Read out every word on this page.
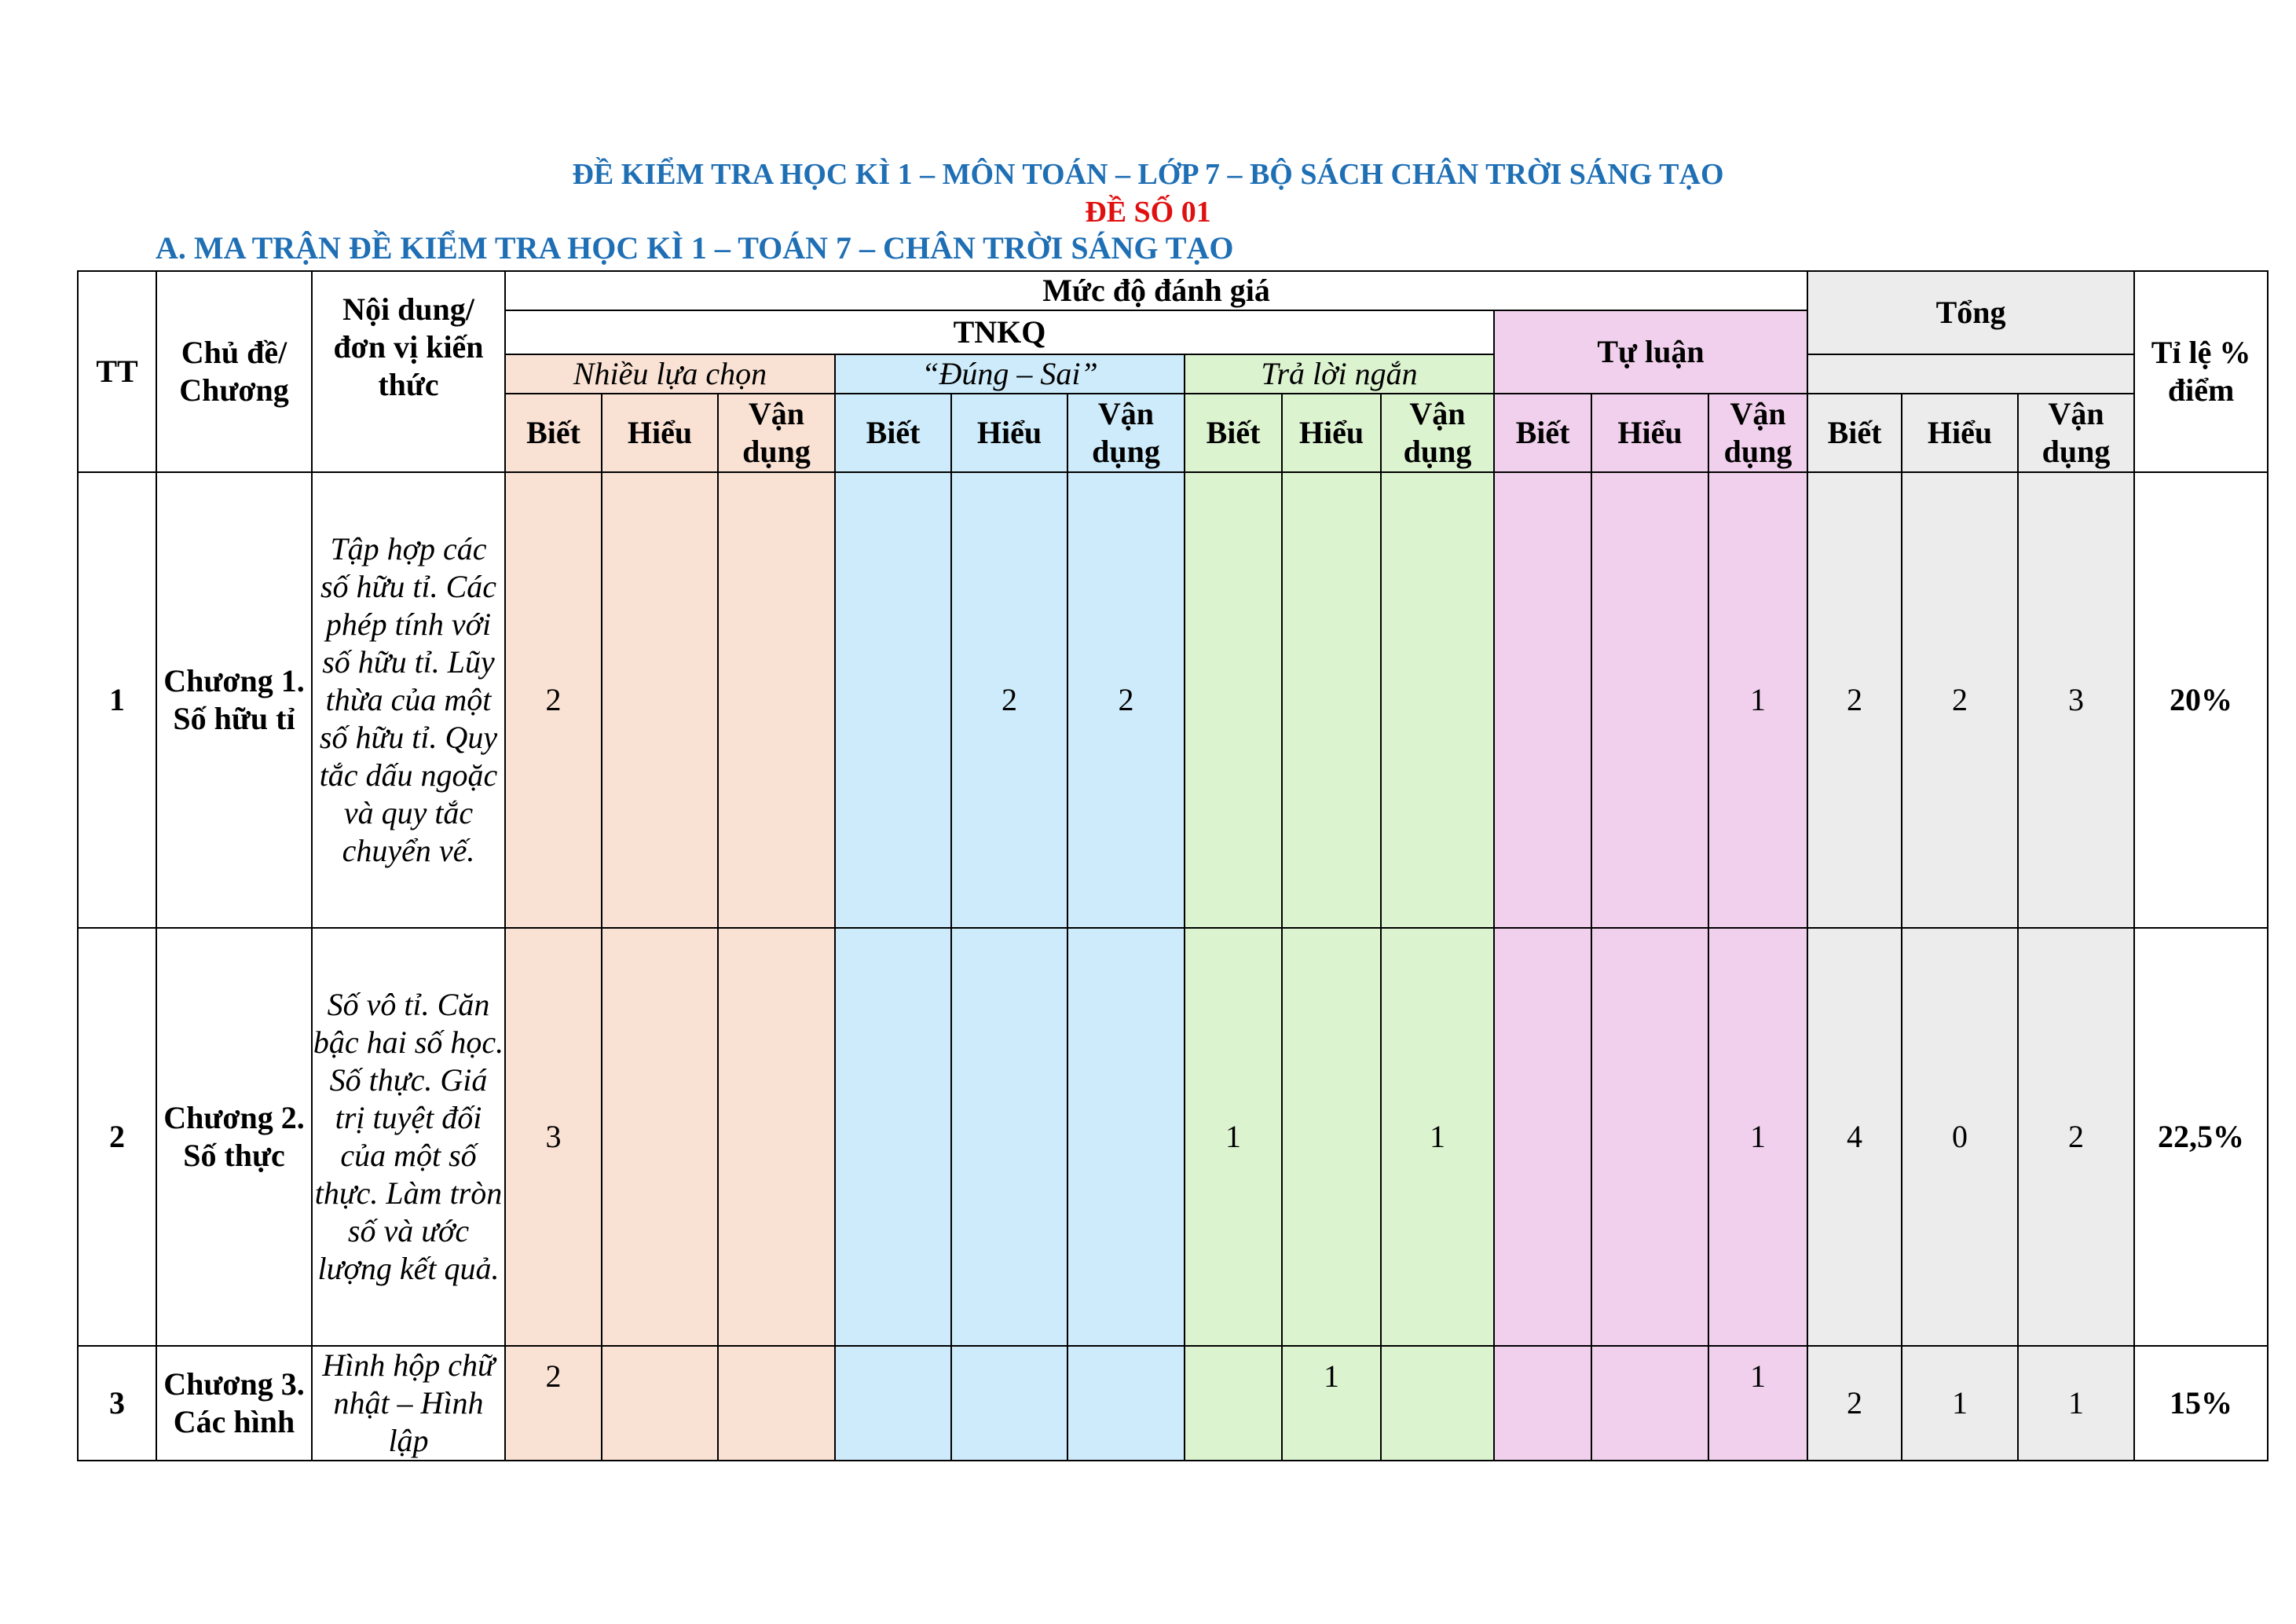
ĐỀ KIỂM TRA HỌC KÌ 1 – MÔN TOÁN – LỚP 7 – BỘ SÁCH CHÂN TRỜI SÁNG TẠO
ĐỀ SỐ 01
A. MA TRẬN ĐỀ KIỂM TRA HỌC KÌ 1 – TOÁN 7 – CHÂN TRỜI SÁNG TẠO
TT	Chủ đề/ Chương	Nội dung/ đơn vị kiến thức	Mức độ đánh giá												Tổng			Tỉ lệ % điểm
			TNKQ									Tự luận						
			Nhiều lựa chọn			“Đúng – Sai”			Trả lời ngắn									
			Biết	Hiểu	Vận dụng	Biết	Hiểu	Vận dụng	Biết	Hiểu	Vận dụng	Biết	Hiểu	Vận dụng	Biết	Hiểu	Vận dụng	
1	Chương 1. Số hữu tỉ	Tập hợp các số hữu tỉ. Các phép tính với số hữu tỉ. Lũy thừa của một số hữu tỉ. Quy tắc dấu ngoặc và quy tắc chuyển vế.	2				2	2						1	2	2	3	20%
2	Chương 2. Số thực	Số vô tỉ. Căn bậc hai số học. Số thực. Giá trị tuyệt đối của một số thực. Làm tròn số và ước lượng kết quả.	3						1		1			1	4	0	2	22,5%
3	Chương 3. Các hình	Hình hộp chữ nhật – Hình lập	2							1				1	2	1	1	15%
